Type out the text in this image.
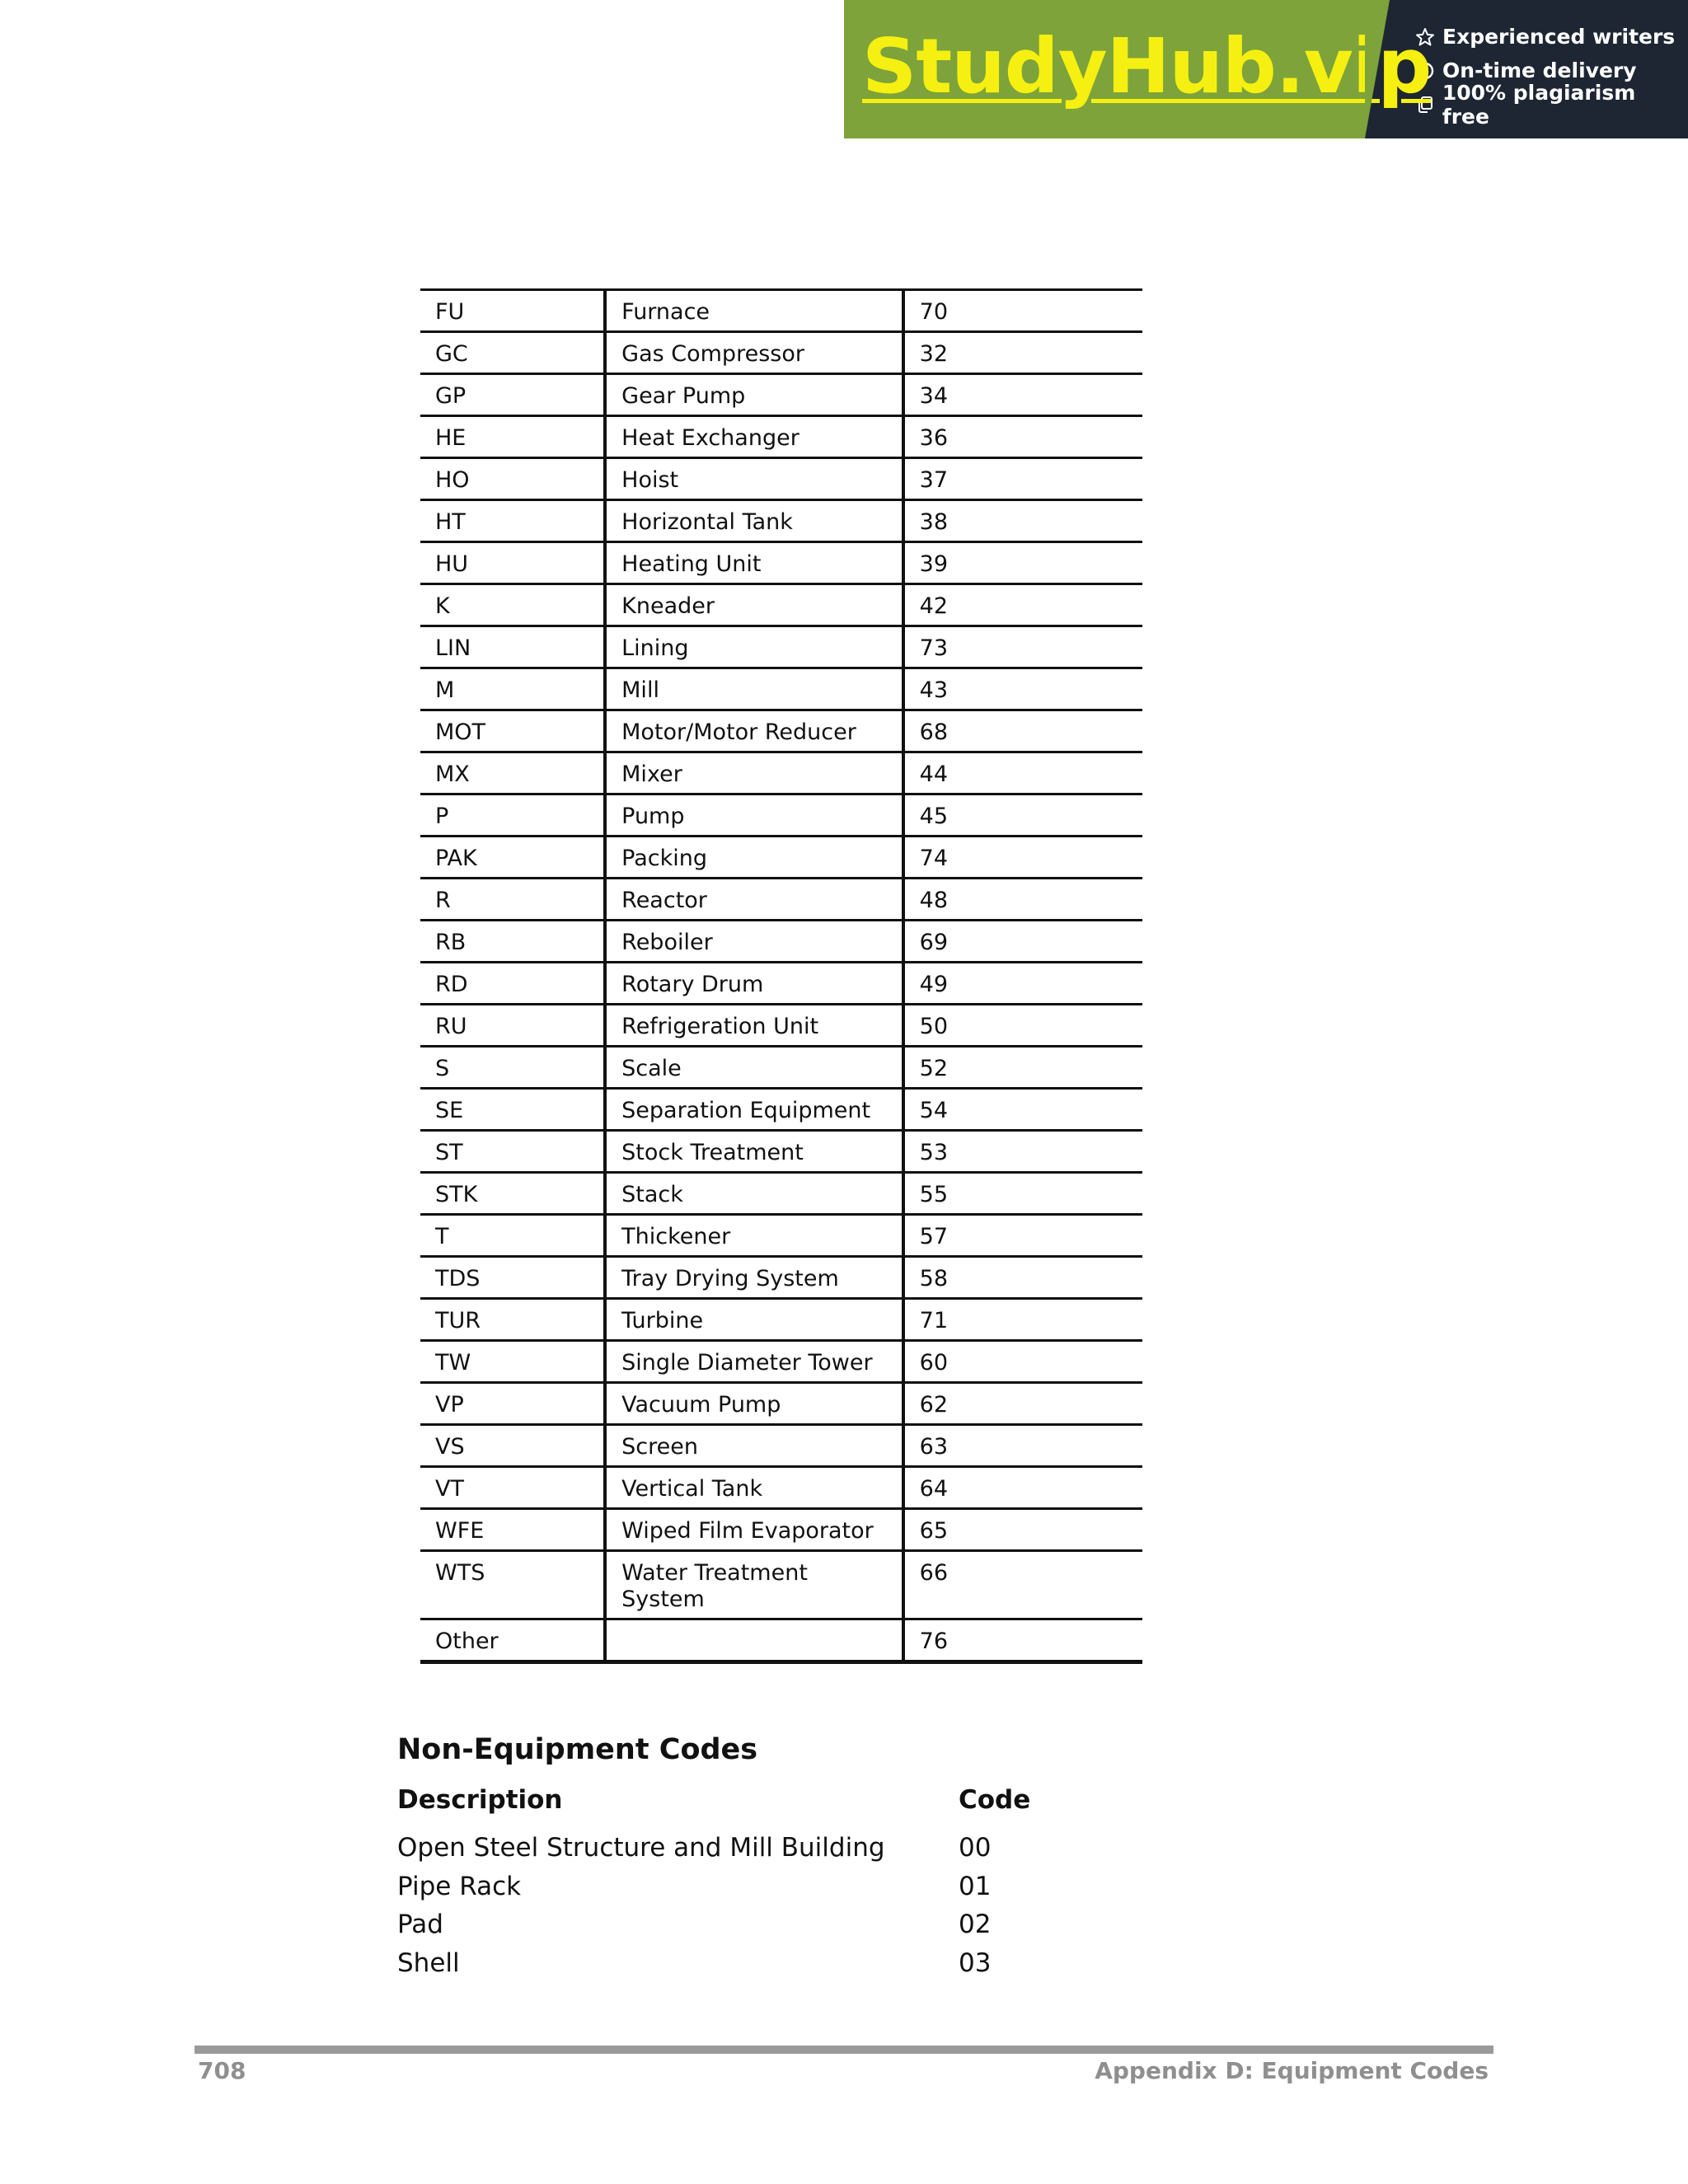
StudyHub.vip Experienced writers
On-time delivery
100% plagiarism free
FU	Furnace	70
GC	Gas Compressor	32
GP	Gear Pump	34
HE	Heat Exchanger	36
HO	Hoist	37
HT	Horizontal Tank	38
HU	Heating Unit	39
K	Kneader	42
LIN	Lining	73
M	Mill	43
MOT	Motor/Motor Reducer	68
MX	Mixer	44
P	Pump	45
PAK	Packing	74
R	Reactor	48
RB	Reboiler	69
RD	Rotary Drum	49
RU	Refrigeration Unit	50
S	Scale	52
SE	Separation Equipment	54
ST	Stock Treatment	53
STK	Stack	55
T	Thickener	57
TDS	Tray Drying System	58
TUR	Turbine	71
TW	Single Diameter Tower	60
VP	Vacuum Pump	62
VS	Screen	63
VT	Vertical Tank	64
WFE	Wiped Film Evaporator	65
WTS	Water Treatment System	66
Other		76
Non-Equipment Codes
Description	Code
Open Steel Structure and Mill Building	00
Pipe Rack	01
Pad	02
Shell	03
708	Appendix D: Equipment Codes
